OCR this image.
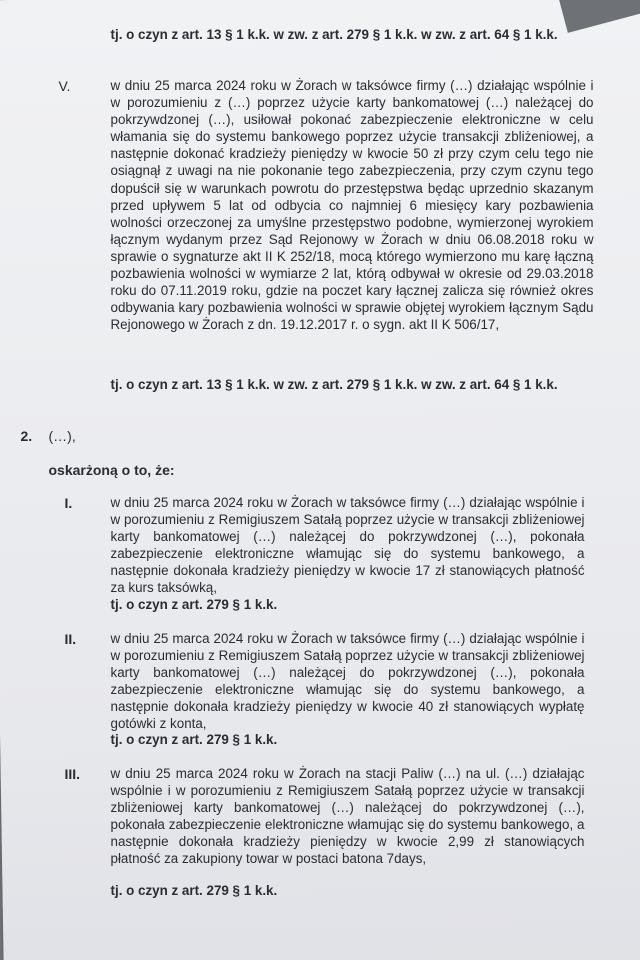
tj. o czyn z art. 13 § 1 k.k. w zw. z art. 279 § 1 k.k. w zw. z art. 64 § 1 k.k.
V.	w dniu 25 marca 2024 roku w Żorach w taksówce firmy (…) działając wspólnie i w porozumieniu z (…) poprzez użycie karty bankomatowej (…) należącej do pokrzywdzonej (…), usiłował pokonać zabezpieczenie elektroniczne w celu włamania się do systemu bankowego poprzez użycie transakcji zbliżeniowej, a następnie dokonać kradzieży pieniędzy w kwocie 50 zł przy czym celu tego nie osiągnął z uwagi na nie pokonanie tego zabezpieczenia, przy czym czynu tego dopuścił się w warunkach powrotu do przestępstwa będąc uprzednio skazanym przed upływem 5 lat od odbycia co najmniej 6 miesięcy kary pozbawienia wolności orzeczonej za umyślne przestępstwo podobne, wymierzonej wyrokiem łącznym wydanym przez Sąd Rejonowy w Żorach w dniu 06.08.2018 roku w sprawie o sygnaturze akt II K 252/18, mocą którego wymierzono mu karę łączną pozbawienia wolności w wymiarze 2 lat, którą odbywał w okresie od 29.03.2018 roku do 07.11.2019 roku, gdzie na poczet kary łącznej zalicza się również okres odbywania kary pozbawienia wolności w sprawie objętej wyrokiem łącznym Sądu Rejonowego w Żorach z dn. 19.12.2017 r. o sygn. akt II K 506/17,

tj. o czyn z art. 13 § 1 k.k. w zw. z art. 279 § 1 k.k. w zw. z art. 64 § 1 k.k.
2. (…),
oskarżoną o to, że:
I.	w dniu 25 marca 2024 roku w Żorach w taksówce firmy (…) działając wspólnie i w porozumieniu z Remigiuszem Satałą poprzez użycie w transakcji zbliżeniowej karty bankomatowej (…) należącej do pokrzywdzonej (…), pokonała zabezpieczenie elektroniczne włamując się do systemu bankowego, a następnie dokonała kradzieży pieniędzy w kwocie 17 zł stanowiących płatność za kurs taksówką,

tj. o czyn z art. 279 § 1 k.k.
II.	w dniu 25 marca 2024 roku w Żorach w taksówce firmy (…) działając wspólnie i w porozumieniu z Remigiuszem Satałą poprzez użycie w transakcji zbliżeniowej karty bankomatowej (…) należącej do pokrzywdzonej (…), pokonała zabezpieczenie elektroniczne włamując się do systemu bankowego, a następnie dokonała kradzieży pieniędzy w kwocie 40 zł stanowiących wypłatę gotówki z konta,

tj. o czyn z art. 279 § 1 k.k.
III. w dniu 25 marca 2024 roku w Żorach na stacji Paliw (…) na ul. (…) działając wspólnie i w porozumieniu z Remigiuszem Satałą poprzez użycie w transakcji zbliżeniowej karty bankomatowej (…) należącej do pokrzywdzonej (…), pokonała zabezpieczenie elektroniczne włamując się do systemu bankowego, a następnie dokonała kradzieży pieniędzy w kwocie 2,99 zł stanowiących płatność za zakupiony towar w postaci batona 7days,

tj. o czyn z art. 279 § 1 k.k.
